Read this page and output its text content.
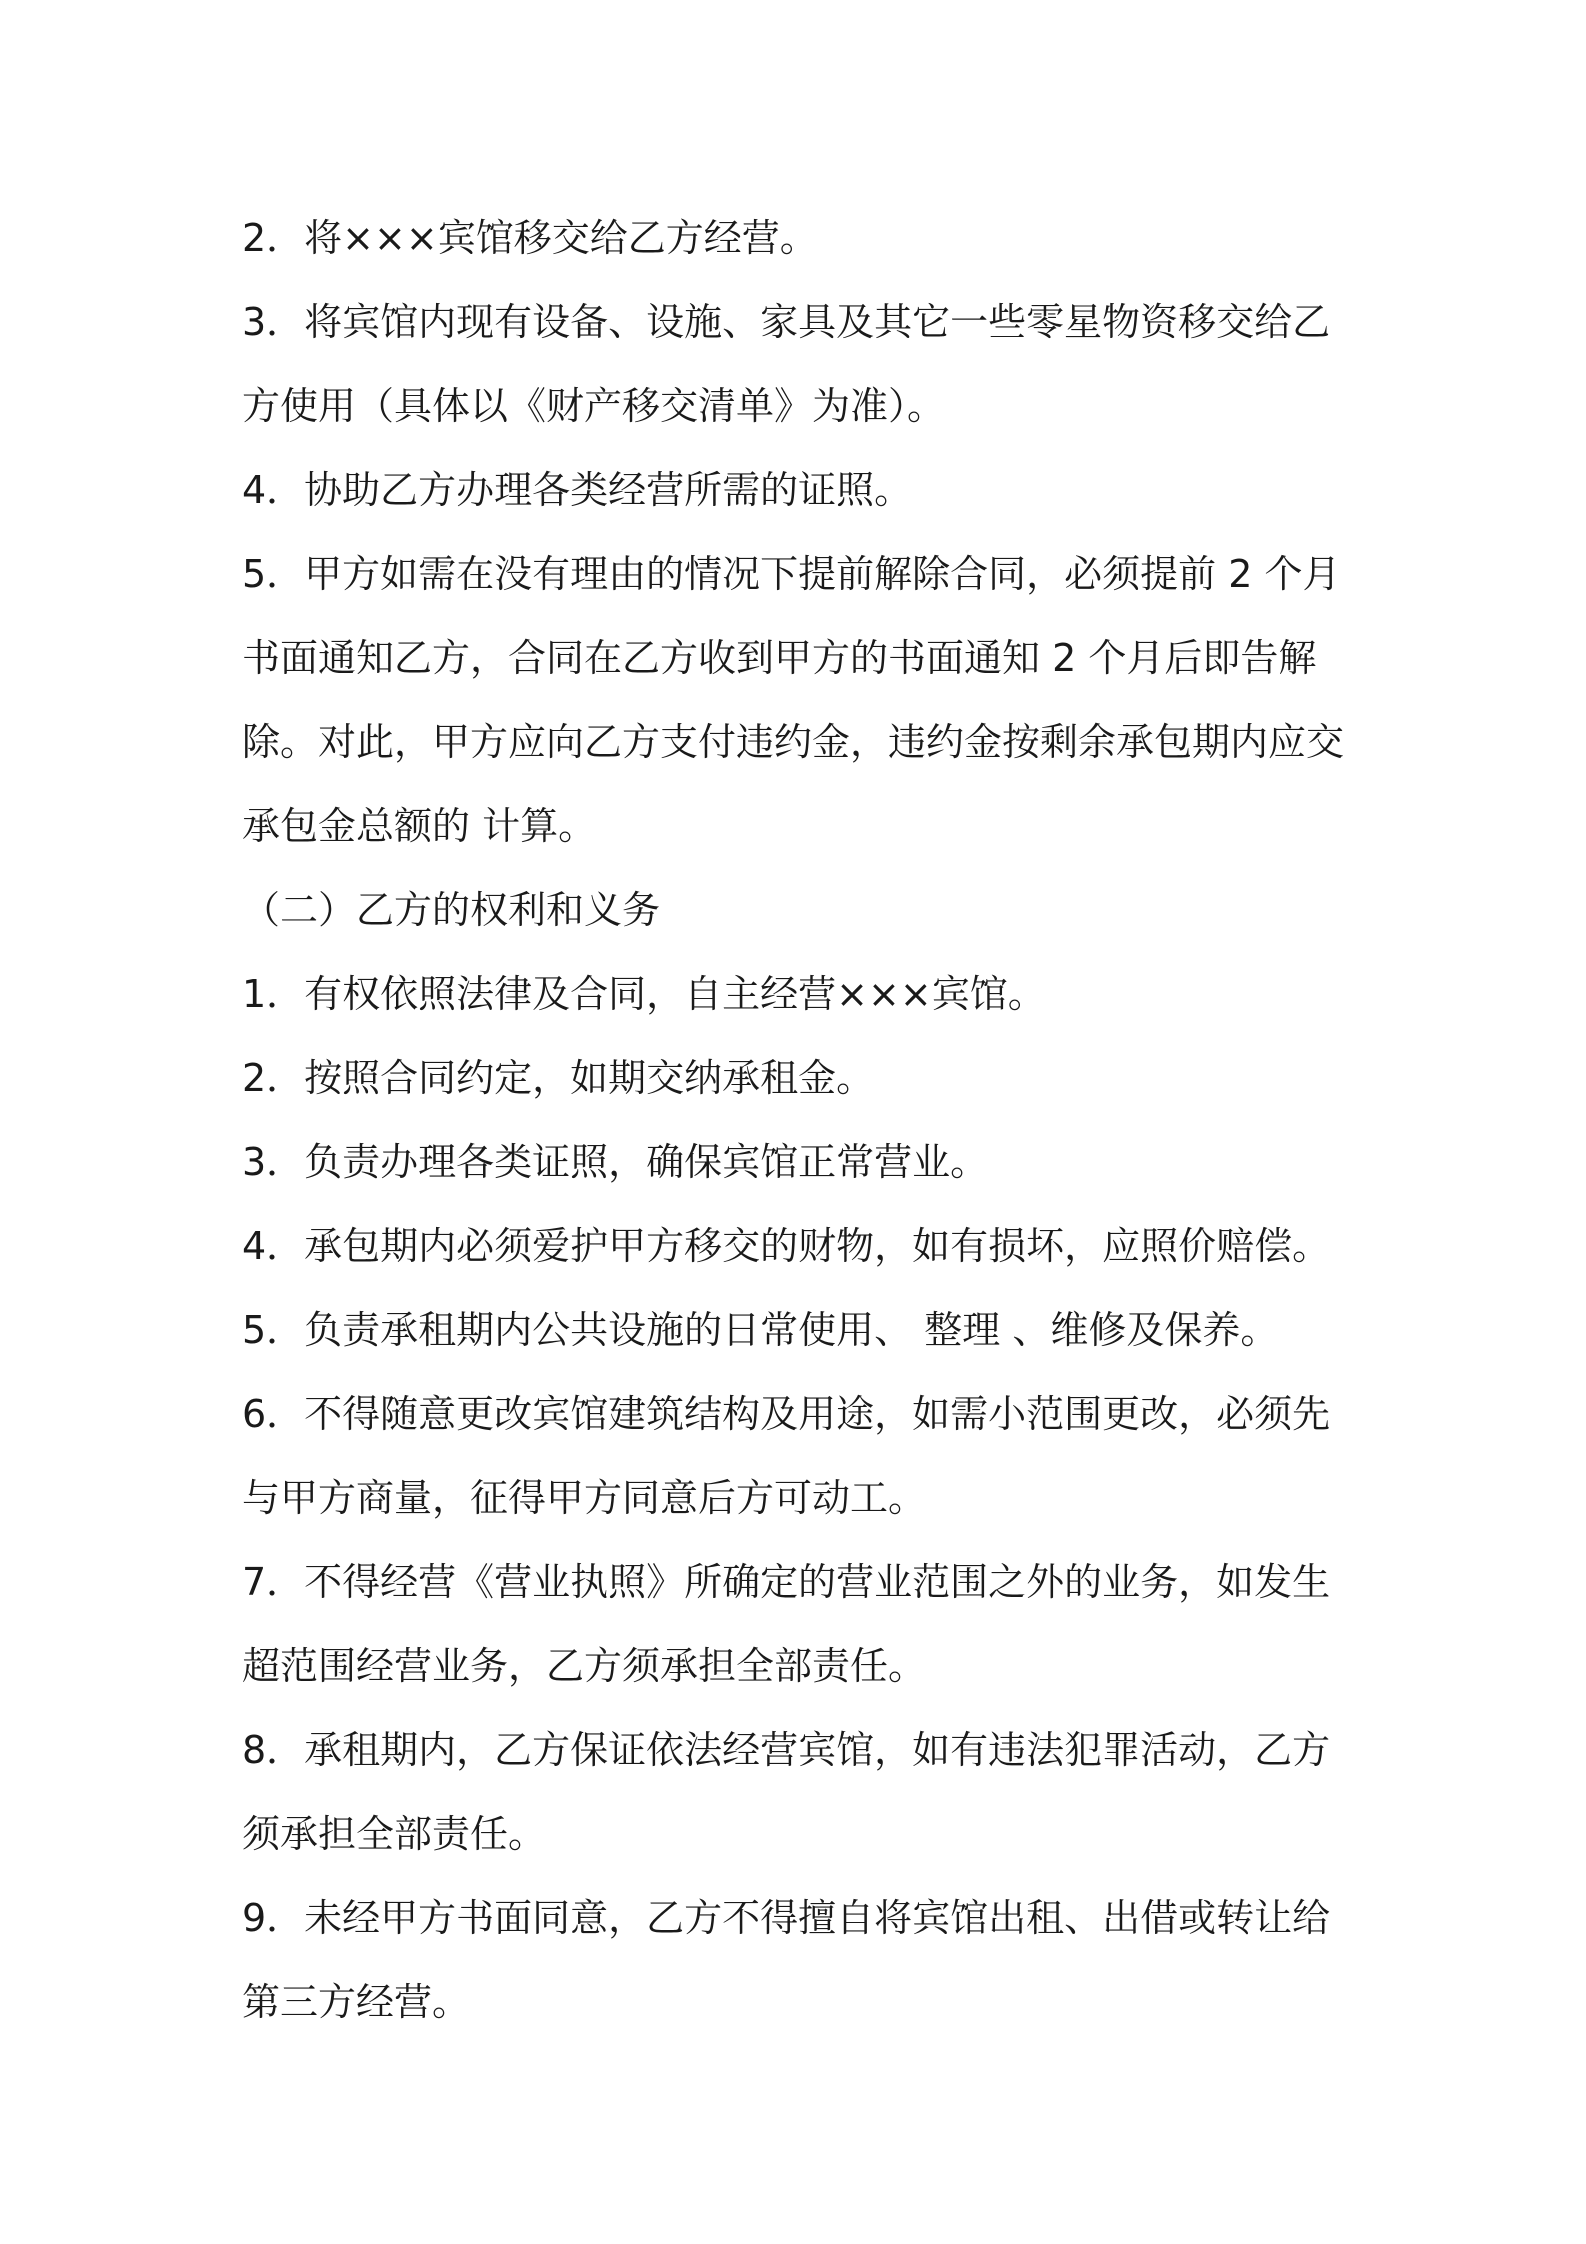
2．将×××宾馆移交给乙方经营。

3．将宾馆内现有设备、设施、家具及其它一些零星物资移交给乙方使用（具体以《财产移交清单》为准）。

4．协助乙方办理各类经营所需的证照。

5．甲方如需在没有理由的情况下提前解除合同，必须提前 2 个月书面通知乙方，合同在乙方收到甲方的书面通知 2 个月后即告解除。对此，甲方应向乙方支付违约金，违约金按剩余承包期内应交承包金总额的 计算。

（二）乙方的权利和义务

1．有权依照法律及合同，自主经营×××宾馆。

2．按照合同约定，如期交纳承租金。

3．负责办理各类证照，确保宾馆正常营业。

4．承包期内必须爱护甲方移交的财物，如有损坏，应照价赔偿。

5．负责承租期内公共设施的日常使用、 整理 、维修及保养。

6．不得随意更改宾馆建筑结构及用途，如需小范围更改，必须先与甲方商量，征得甲方同意后方可动工。

7．不得经营《营业执照》所确定的营业范围之外的业务，如发生超范围经营业务，乙方须承担全部责任。

8．承租期内，乙方保证依法经营宾馆，如有违法犯罪活动，乙方须承担全部责任。

9．未经甲方书面同意，乙方不得擅自将宾馆出租、出借或转让给第三方经营。
